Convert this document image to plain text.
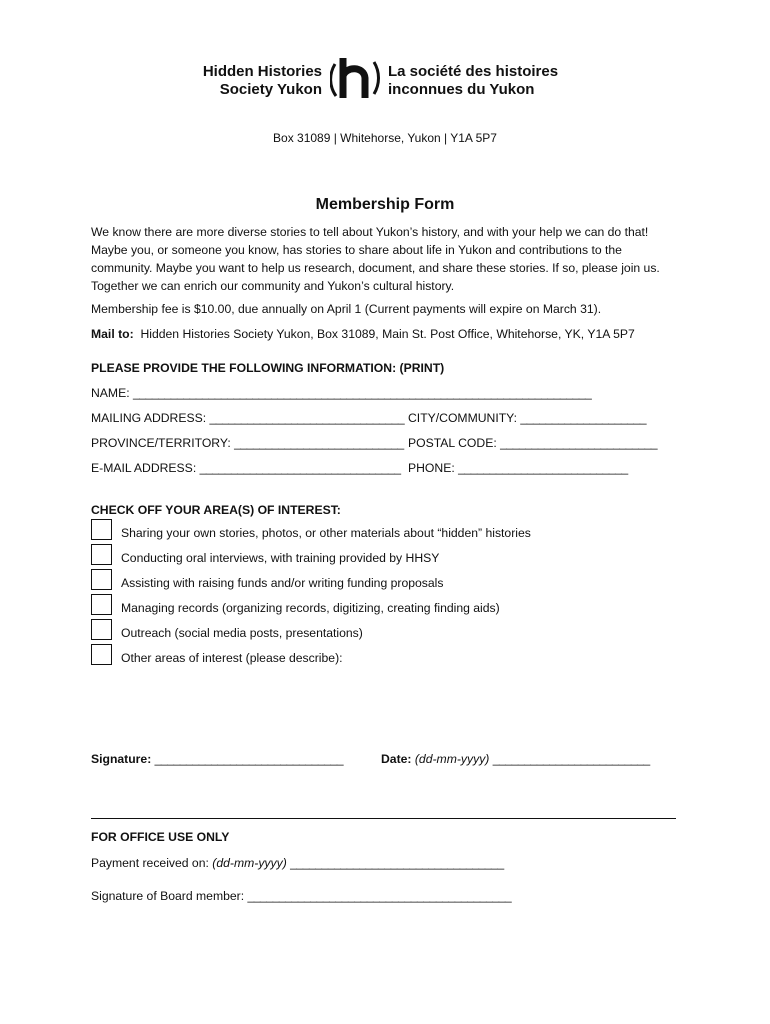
Hidden Histories
Society Yukon
La société des histoires
inconnues du Yukon
Box 31089 | Whitehorse, Yukon | Y1A 5P7
Membership Form
We know there are more diverse stories to tell about Yukon’s history, and with your help we can do that! Maybe you, or someone you know, has stories to share about life in Yukon and contributions to the community. Maybe you want to help us research, document, and share these stories. If so, please join us. Together we can enrich our community and Yukon’s cultural history.
Membership fee is $10.00, due annually on April 1 (Current payments will expire on March 31).
Mail to: Hidden Histories Society Yukon, Box 31089, Main St. Post Office, Whitehorse, YK, Y1A 5P7
PLEASE PROVIDE THE FOLLOWING INFORMATION: (PRINT)
NAME: _________________________________________________________________________
MAILING ADDRESS: _______________________________ CITY/COMMUNITY: ____________________
PROVINCE/TERRITORY: ___________________________ POSTAL CODE: _________________________
E-MAIL ADDRESS: ________________________________ PHONE: ___________________________
CHECK OFF YOUR AREA(S) OF INTEREST:
Sharing your own stories, photos, or other materials about “hidden” histories
Conducting oral interviews, with training provided by HHSY
Assisting with raising funds and/or writing funding proposals
Managing records (organizing records, digitizing, creating finding aids)
Outreach (social media posts, presentations)
Other areas of interest (please describe):
Signature: ______________________________	Date: (dd-mm-yyyy) _________________________
FOR OFFICE USE ONLY
Payment received on: (dd-mm-yyyy) __________________________________
Signature of Board member: __________________________________________
